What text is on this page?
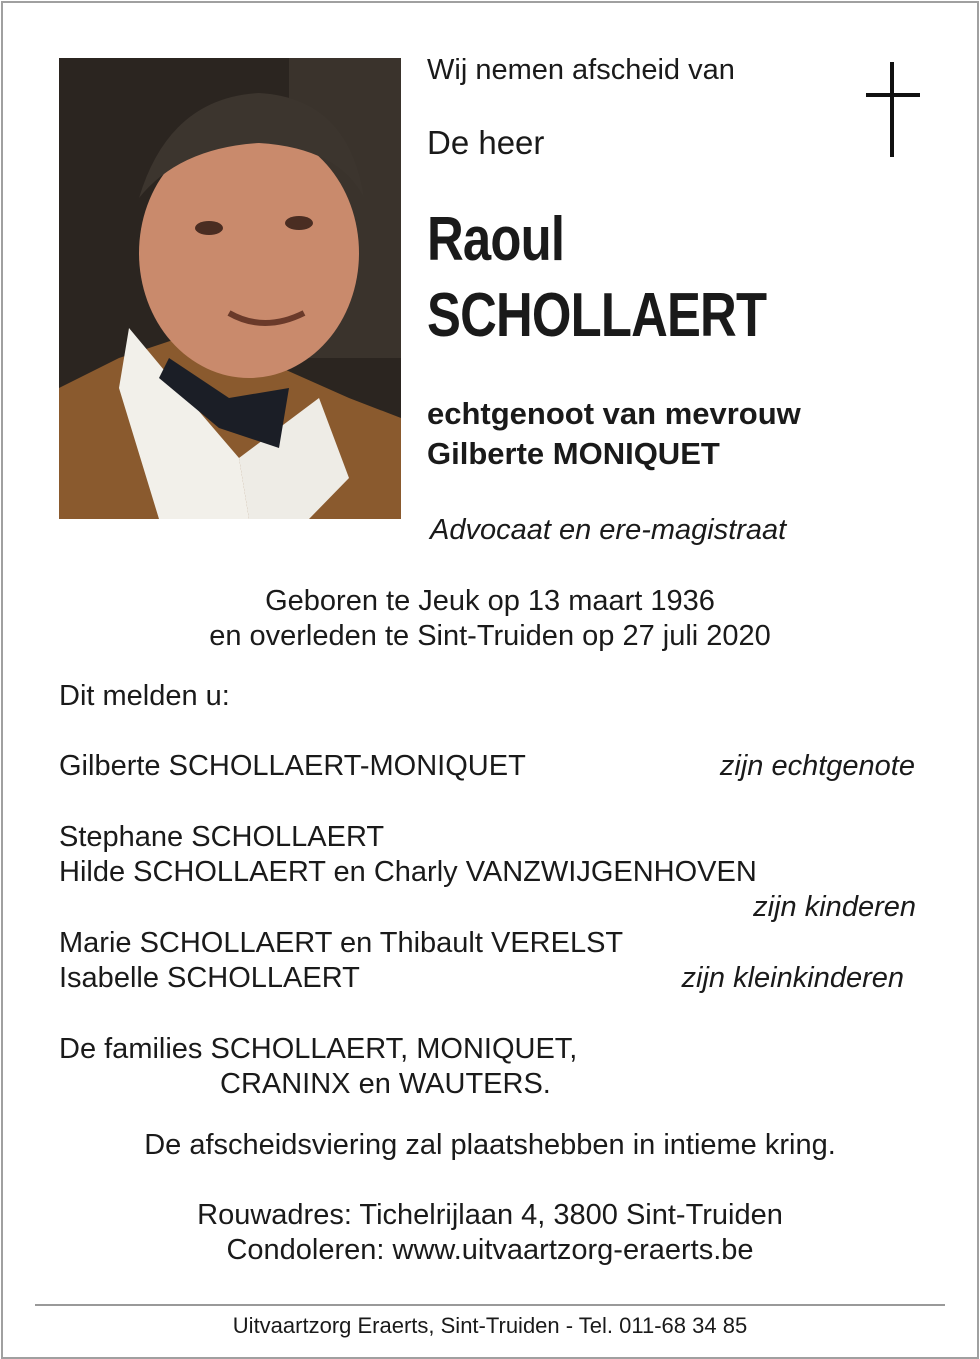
Wij nemen afscheid van
De heer
Raoul
SCHOLLAERT
echtgenoot van mevrouw
Gilberte MONIQUET
Advocaat en ere-magistraat
Geboren te Jeuk op 13 maart 1936
en overleden te Sint-Truiden op 27 juli 2020
Dit melden u:
Gilberte SCHOLLAERT-MONIQUET	zijn echtgenote
Stephane SCHOLLAERT
Hilde SCHOLLAERT en Charly VANZWIJGENHOVEN
zijn kinderen
Marie SCHOLLAERT en Thibault VERELST
Isabelle SCHOLLAERT	zijn kleinkinderen
De families SCHOLLAERT, MONIQUET,
CRANINX en WAUTERS.
De afscheidsviering zal plaatshebben in intieme kring.
Rouwadres: Tichelrijlaan 4, 3800 Sint-Truiden
Condoleren: www.uitvaartzorg-eraerts.be
Uitvaartzorg Eraerts, Sint-Truiden - Tel. 011-68 34 85
